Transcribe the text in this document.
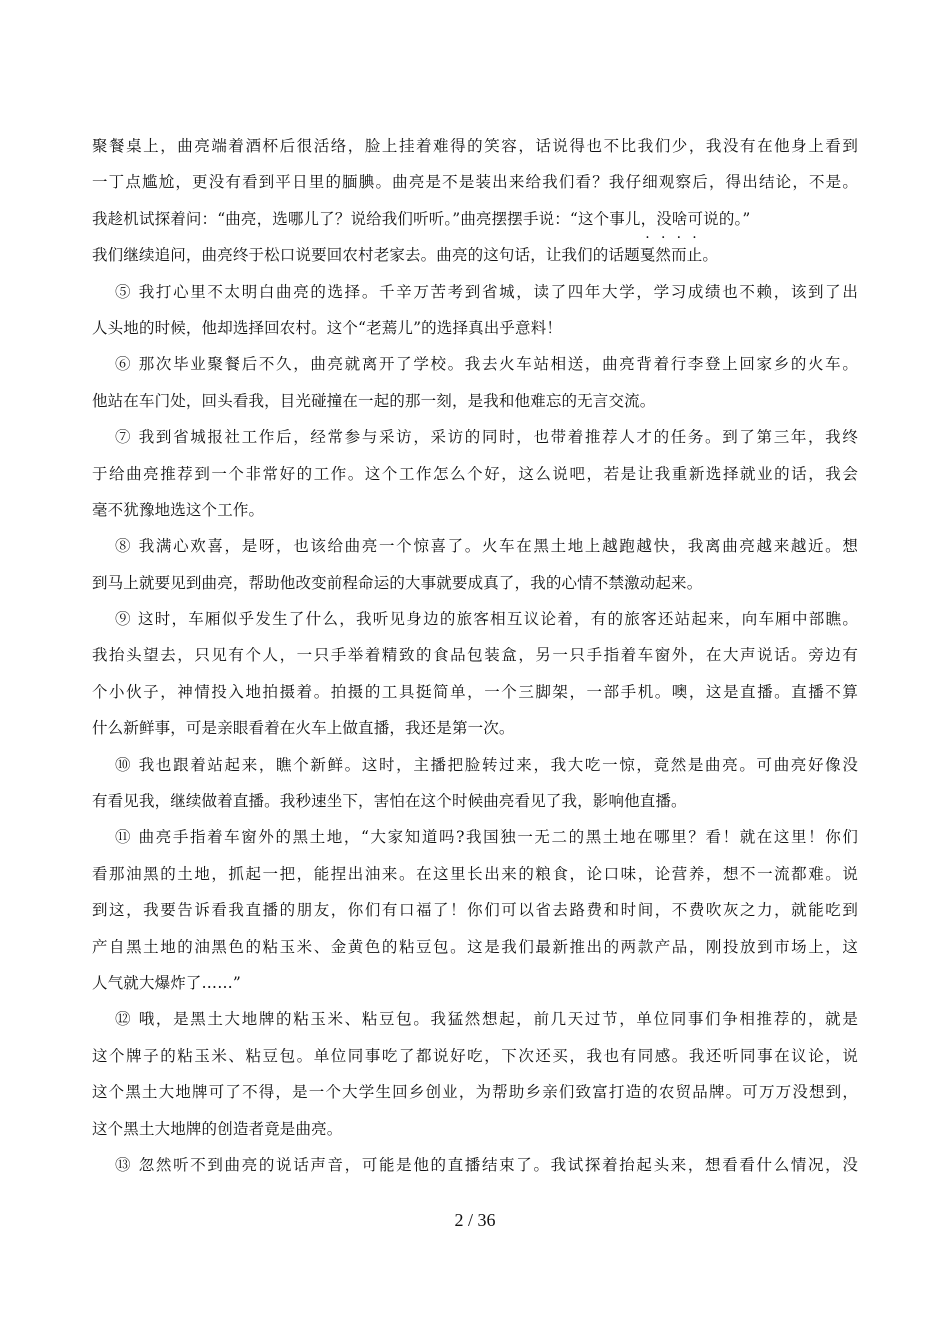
聚餐桌上，曲亮端着酒杯后很活络，脸上挂着难得的笑容，话说得也不比我们少，我没有在他身上看到
一丁点尴尬，更没有看到平日里的腼腆。曲亮是不是装出来给我们看？我仔细观察后，得出结论，不是。
我趁机试探着问：“曲亮，选哪儿了？说给我们听听。”曲亮摆摆手说：“这个事儿，没啥可说的。”
我们继续追问，曲亮终于松口说要回农村老家去。曲亮的这句话，让我们的话题戛
·
然
·
而
·
止
·
。
⑤ 我打心里不太明白曲亮的选择。千辛万苦考到省城，读了四年大学，学习成绩也不赖，该到了出
人头地的时候，他却选择回农村。这个“老蔫儿”的选择真出乎意料！
⑥ 那次毕业聚餐后不久，曲亮就离开了学校。我去火车站相送，曲亮背着行李登上回家乡的火车。
他站在车门处，回头看我，目光碰撞在一起的那一刻，是我和他难忘的无言交流。
⑦ 我到省城报社工作后，经常参与采访，采访的同时，也带着推荐人才的任务。到了第三年，我终
于给曲亮推荐到一个非常好的工作。这个工作怎么个好，这么说吧，若是让我重新选择就业的话，我会
毫不犹豫地选这个工作。
⑧ 我满心欢喜，是呀，也该给曲亮一个惊喜了。火车在黑土地上越跑越快，我离曲亮越来越近。想
到马上就要见到曲亮，帮助他改变前程命运的大事就要成真了，我的心情不禁激动起来。
⑨ 这时，车厢似乎发生了什么，我听见身边的旅客相互议论着，有的旅客还站起来，向车厢中部瞧。
我抬头望去，只见有个人，一只手举着精致的食品包装盒，另一只手指着车窗外，在大声说话。旁边有
个小伙子，神情投入地拍摄着。拍摄的工具挺简单，一个三脚架，一部手机。噢，这是直播。直播不算
什么新鲜事，可是亲眼看着在火车上做直播，我还是第一次。
⑩ 我也跟着站起来，瞧个新鲜。这时，主播把脸转过来，我大吃一惊，竟然是曲亮。可曲亮好像没
有看见我，继续做着直播。我秒速坐下，害怕在这个时候曲亮看见了我，影响他直播。
⑪ 曲亮手指着车窗外的黑土地，“大家知道吗?我国独一无二的黑土地在哪里？看！就在这里！你们
看那油黑的土地，抓起一把，能捏出油来。在这里长出来的粮食，论口味，论营养，想不一流都难。说
到这，我要告诉看我直播的朋友，你们有口福了！你们可以省去路费和时间，不费吹灰之力，就能吃到
产自黑土地的油黑色的粘玉米、金黄色的粘豆包。这是我们最新推出的两款产品，刚投放到市场上，这
人气就大爆炸了……”
⑫ 哦，是黑土大地牌的粘玉米、粘豆包。我猛然想起，前几天过节，单位同事们争相推荐的，就是
这个牌子的粘玉米、粘豆包。单位同事吃了都说好吃，下次还买，我也有同感。我还听同事在议论，说
这个黑土大地牌可了不得，是一个大学生回乡创业，为帮助乡亲们致富打造的农贸品牌。可万万没想到，
这个黑土大地牌的创造者竟是曲亮。
⑬ 忽然听不到曲亮的说话声音，可能是他的直播结束了。我试探着抬起头来，想看看什么情况，没
2 / 36
